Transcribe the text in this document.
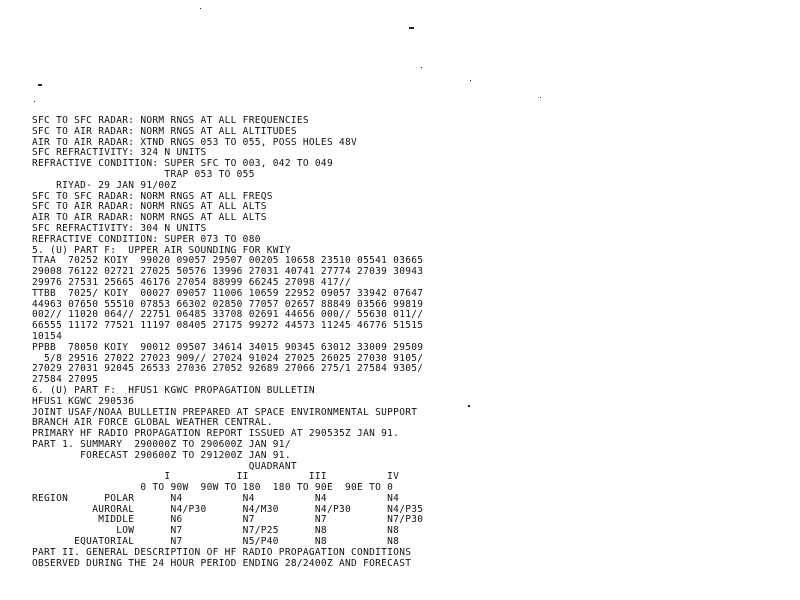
SFC TO SFC RADAR: NORM RNGS AT ALL FREQUENCIES
SFC TO AIR RADAR: NORM RNGS AT ALL ALTITUDES
AIR TO AIR RADAR: XTND RNGS 053 TO 055, POSS HOLES 48V
SFC REFRACTIVITY: 324 N UNITS
REFRACTIVE CONDITION: SUPER SFC TO 003, 042 TO 049
TRAP 053 TO 055
RIYAD- 29 JAN 91/00Z
SFC TO SFC RADAR: NORM RNGS AT ALL FREQS
SFC TO AIR RADAR: NORM RNGS AT ALL ALTS
AIR TO AIR RADAR: NORM RNGS AT ALL ALTS
SFC REFRACTIVITY: 304 N UNITS
REFRACTIVE CONDITION: SUPER 073 TO 080
5. (U) PART F:  UPPER AIR SOUNDING FOR KWIY
TTAA  70252 KOIY  99020 09057 29507 00205 10658 23510 05541 03665
29008 76122 02721 27025 50576 13996 27031 40741 27774 27039 30943
29976 27531 25665 46176 27054 88999 66245 27098 417//
TTBB  7025/ KOIY  00027 09057 11006 10659 22952 09057 33942 07647
44963 07650 55510 07853 66302 02850 77057 02657 88849 03566 99819
002// 11020 064// 22751 06485 33708 02691 44656 000// 55630 011//
66555 11172 77521 11197 08405 27175 99272 44573 11245 46776 51515
10154
PPBB  78050 KOIY  90012 09507 34614 34015 90345 63012 33009 29509
5/8 29516 27022 27023 909// 27024 91024 27025 26025 27030 9105/
27029 27031 92045 26533 27036 27052 92689 27066 275/1 27584 9305/
27584 27095
6. (U) PART F:  HFUS1 KGWC PROPAGATION BULLETIN
HFUS1 KGWC 290536
JOINT USAF/NOAA BULLETIN PREPARED AT SPACE ENVIRONMENTAL SUPPORT
BRANCH AIR FORCE GLOBAL WEATHER CENTRAL.
PRIMARY HF RADIO PROPAGATION REPORT ISSUED AT 290535Z JAN 91.
PART 1. SUMMARY  290000Z TO 290600Z JAN 91/
FORECAST 290600Z TO 291200Z JAN 91.
QUADRANT
I           II          III          IV
0 TO 90W  90W TO 180  180 TO 90E  90E TO 0
REGION      POLAR      N4          N4          N4          N4
AURORAL      N4/P30      N4/M30      N4/P30      N4/P35
MIDDLE      N6          N7          N7          N7/P30
LOW      N7          N7/P25      N8          N8
EQUATORIAL      N7          N5/P40      N8          N8
PART II. GENERAL DESCRIPTION OF HF RADIO PROPAGATION CONDITIONS
OBSERVED DURING THE 24 HOUR PERIOD ENDING 28/2400Z AND FORECAST
